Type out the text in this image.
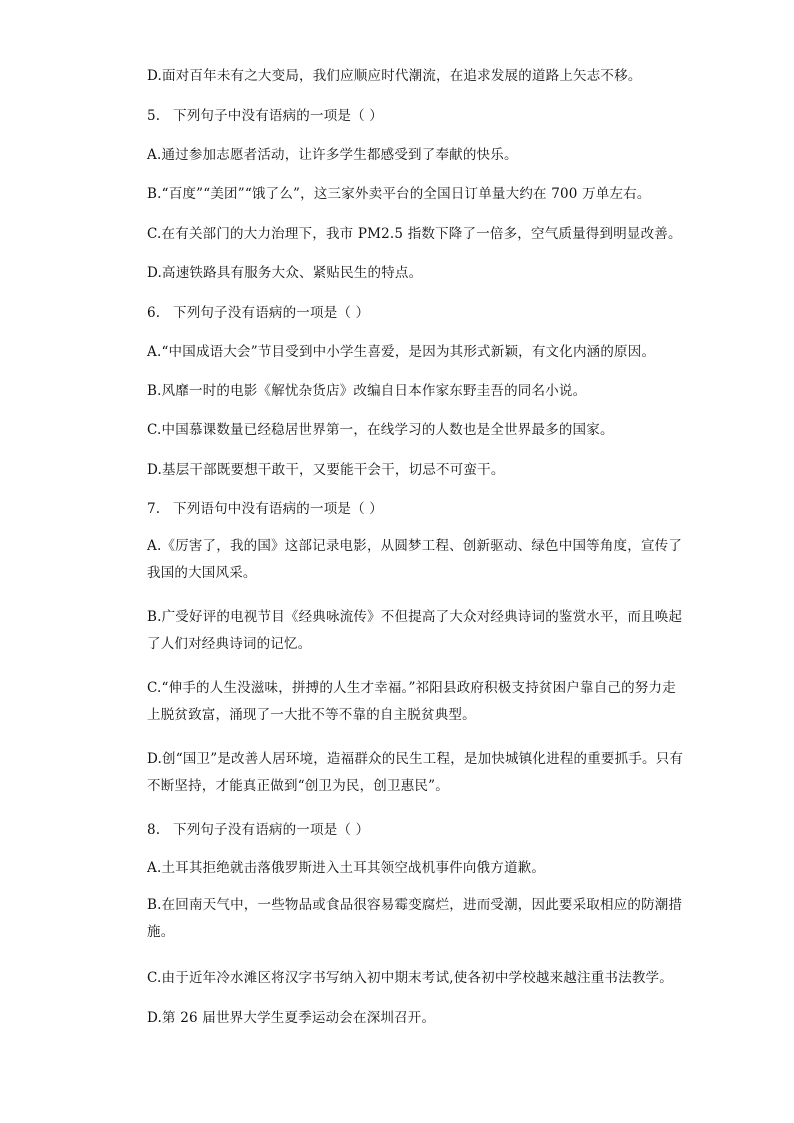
D.面对百年未有之大变局，我们应顺应时代潮流，在追求发展的道路上矢志不移。
5. 下列句子中没有语病的一项是（ ）
A.通过参加志愿者活动，让许多学生都感受到了奉献的快乐。
B.“百度”“美团”“饿了么”，这三家外卖平台的全国日订单量大约在 700 万单左右。
C.在有关部门的大力治理下，我市 PM2.5 指数下降了一倍多，空气质量得到明显改善。
D.高速铁路具有服务大众、紧贴民生的特点。
6. 下列句子没有语病的一项是（ ）
A.“中国成语大会”节目受到中小学生喜爱，是因为其形式新颖，有文化内涵的原因。
B.风靡一时的电影《解忧杂货店》改编自日本作家东野圭吾的同名小说。
C.中国慕课数量已经稳居世界第一，在线学习的人数也是全世界最多的国家。
D.基层干部既要想干敢干，又要能干会干，切忌不可蛮干。
7. 下列语句中没有语病的一项是（ ）
A.《厉害了，我的国》这部记录电影，从圆梦工程、创新驱动、绿色中国等角度，宣传了我国的大国风采。
B.广受好评的电视节目《经典咏流传》不但提高了大众对经典诗词的鉴赏水平，而且唤起了人们对经典诗词的记忆。
C.“伸手的人生没滋味，拼搏的人生才幸福。”祁阳县政府积极支持贫困户靠自己的努力走上脱贫致富，涌现了一大批不等不靠的自主脱贫典型。
D.创“国卫”是改善人居环境，造福群众的民生工程，是加快城镇化进程的重要抓手。只有不断坚持，才能真正做到“创卫为民，创卫惠民”。
8. 下列句子没有语病的一项是（ ）
A.土耳其拒绝就击落俄罗斯进入土耳其领空战机事件向俄方道歉。
B.在回南天气中，一些物品或食品很容易霉变腐烂，进而受潮，因此要采取相应的防潮措施。
C.由于近年冷水滩区将汉字书写纳入初中期末考试,使各初中学校越来越注重书法教学。
D.第 26 届世界大学生夏季运动会在深圳召开。
